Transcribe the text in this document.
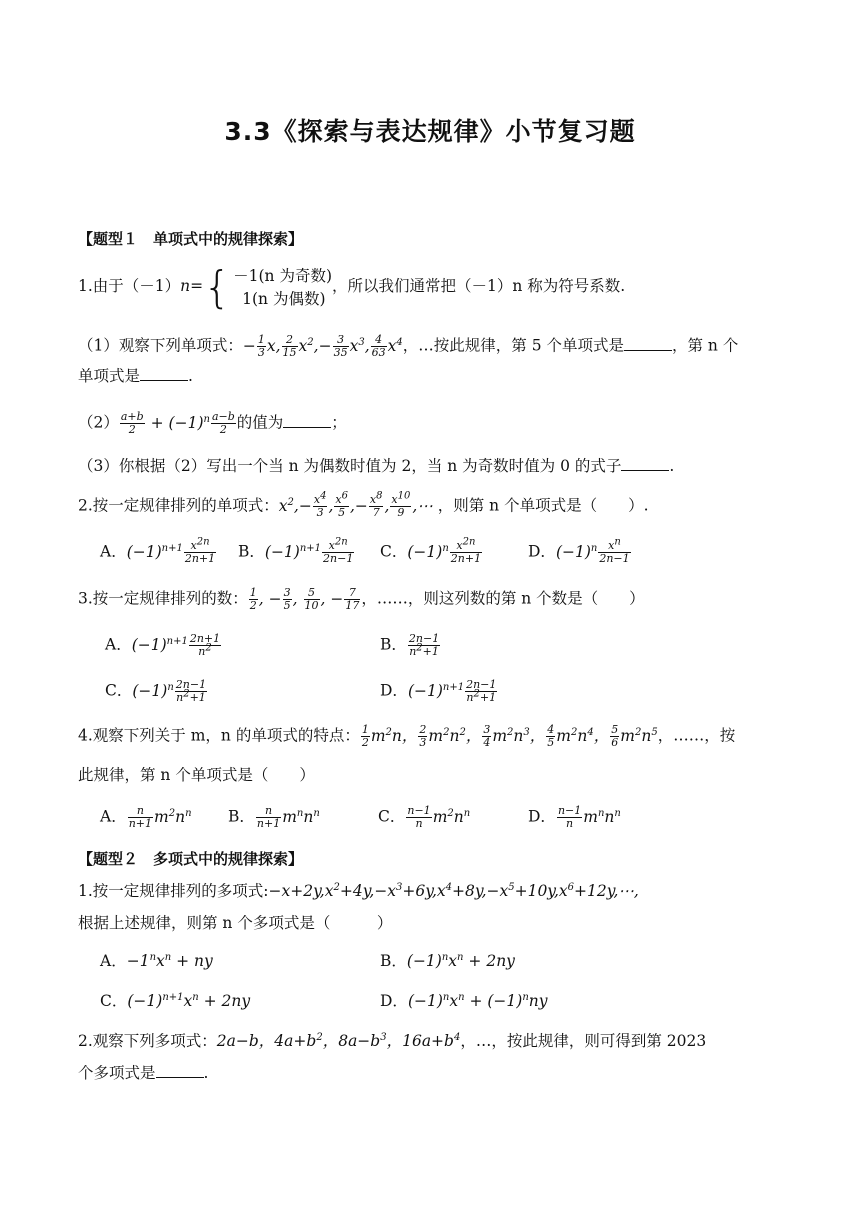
3.3《探索与表达规律》小节复习题
【题型１　单项式中的规律探索】
1.由于（－1）n={ －1(n 为奇数)
1(n 为偶数)
，所以我们通常把（－1）n 称为符号系数.
（1）观察下列单项式：− $\frac{1}{3} x$, $\frac{2}{15} x^2,- \frac{3}{35} x^3$, $\frac{4}{63} x^4$，…按此规律，第 5 个单项式是	，第 n 个
单项式是	.
$(2) \frac{a+b}{2} + (-1)^n \frac{a-b}{2}$ 的值为	；
（3）你根据（2）写出一个当 n 为偶数时值为 2，当 n 为奇数时值为 0 的式子	.
2.按一定规律排列的单项式：$x^2,- \frac{x^4}{3}$ , $\frac{x^6}{5}$ ,− $\frac{x^8}{7}$ , $\frac{x^{10}}{9}$ ,⋯ ，则第 n 个单项式是（　　）.
A．$(-1)^{n+1} \frac{x^{2n}}{2n+1}$ B．$(-1)^{n+1} \frac{x^{2n}}{2n-1}$ C．$(-1)^n \frac{x^{2n}}{2n+1}$	D．$(-1)^n \frac{x^n}{2n-1}$
3.按一定规律排列的数： $\frac{1}{2}$ , − $\frac{3}{5}$ , $\frac{5}{10}$ , − $\frac{7}{17}$ ，……，则这列数的第 n 个数是（　　）
A．$(-1)^{n+1} \frac{2n+1}{n^2}$	B． $\frac{2n-1}{n^2+1}$
C．$(-1)^n \frac{2n-1}{n^2+1}$	D．$(-1)^{n+1} \frac{2n-1}{n^2+1}$
4.观察下列关于 m，n 的单项式的特点： $\frac{1}{2} m^2n$， $\frac{2}{3} m^2n^2$， $\frac{3}{4} m^2n^3$， $\frac{4}{5} m^2n^4$， $\frac{5}{6} m^2n^5$，……，按
此规律，第 n 个单项式是（　　）
A． $\frac{n}{n+1} m^2n^n$ B． $\frac{n}{n+1} m^nn^n$	C． $\frac{n-1}{n} m^2n^n$	D． $\frac{n-1}{n} m^nn^n$
【题型２　多项式中的规律探索】
1.按一定规律排列的多项式$:-x+2y,x^2+4y,-x^3+6y,x^4+8y,-x^5+10y,x^6+12y,\cdots$,
根据上述规律，则第 n 个多项式是（　　　）
A．$-1^nx^n$ + ny	B．$(-1)^nx^n + 2ny$
C．$(-1)^{n+1}x^n + 2ny$	D．$(-1)^nx^n + (-1)^nny$
2.观察下列多项式：2a−b，$4a+b^2$，$8a-b^3$，$16a+b^4$，…，按此规律，则可得到第 2023
个多项式是	.
